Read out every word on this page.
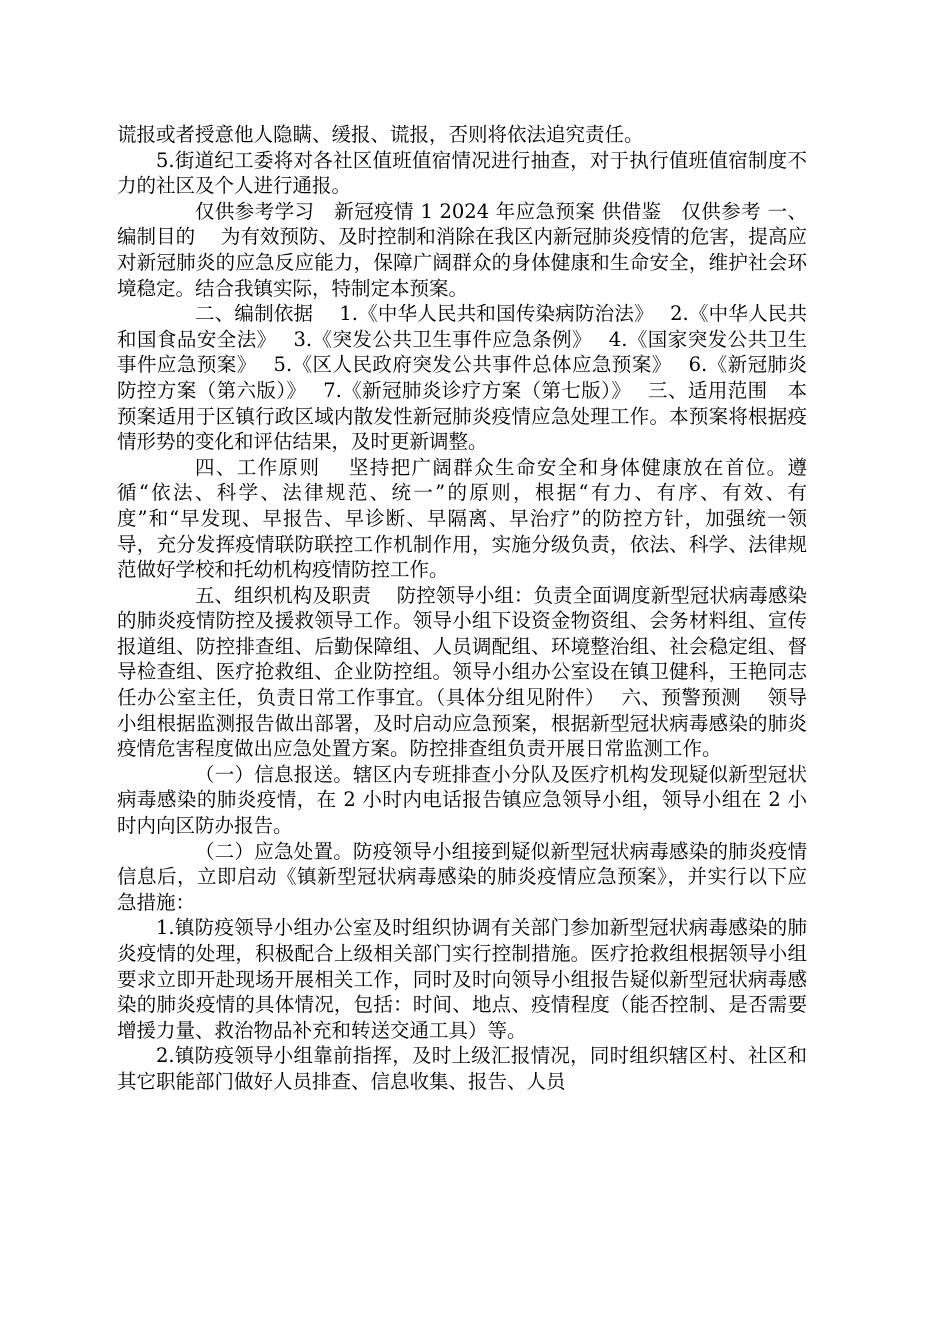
谎报或者授意他人隐瞒、缓报、谎报，否则将依法追究责任。

5.街道纪工委将对各社区值班值宿情况进行抽查，对于执行值班值宿制度不力的社区及个人进行通报。

仅供参考学习　新冠疫情 1 2024 年应急预案 供借鉴　仅供参考 一、编制目的　 为有效预防、及时控制和消除在我区内新冠肺炎疫情的危害，提高应对新冠肺炎的应急反应能力，保障广阔群众的身体健康和生命安全，维护社会环境稳定。结合我镇实际，特制定本预案。

二、编制依据　 1.《中华人民共和国传染病防治法》　 2.《中华人民共和国食品安全法》　 3.《突发公共卫生事件应急条例》　 4.《国家突发公共卫生事件应急预案》　 5.《区人民政府突发公共事件总体应急预案》　 6.《新冠肺炎防控方案（第六版）》　 7.《新冠肺炎诊疗方案（第七版）》　 三、适用范围　本预案适用于区镇行政区域内散发性新冠肺炎疫情应急处理工作。本预案将根据疫情形势的变化和评估结果，及时更新调整。

四、工作原则　 坚持把广阔群众生命安全和身体健康放在首位。遵循“依法、科学、法律规范、统一”的原则，根据“有力、有序、有效、有度”和“早发现、早报告、早诊断、早隔离、早治疗”的防控方针，加强统一领导，充分发挥疫情联防联控工作机制作用，实施分级负责，依法、科学、法律规范做好学校和托幼机构疫情防控工作。

五、组织机构及职责　 防控领导小组：负责全面调度新型冠状病毒感染的肺炎疫情防控及援救领导工作。领导小组下设资金物资组、会务材料组、宣传报道组、防控排查组、后勤保障组、人员调配组、环境整治组、社会稳定组、督导检查组、医疗抢救组、企业防控组。领导小组办公室设在镇卫健科，王艳同志任办公室主任，负责日常工作事宜。（具体分组见附件）　 六、预警预测　 领导小组根据监测报告做出部署，及时启动应急预案，根据新型冠状病毒感染的肺炎疫情危害程度做出应急处置方案。防控排查组负责开展日常监测工作。

（一）信息报送。辖区内专班排查小分队及医疗机构发现疑似新型冠状病毒感染的肺炎疫情，在 2 小时内电话报告镇应急领导小组，领导小组在 2 小时内向区防办报告。

（二）应急处置。防疫领导小组接到疑似新型冠状病毒感染的肺炎疫情信息后，立即启动《镇新型冠状病毒感染的肺炎疫情应急预案》，并实行以下应急措施：

1.镇防疫领导小组办公室及时组织协调有关部门参加新型冠状病毒感染的肺炎疫情的处理，积极配合上级相关部门实行控制措施。医疗抢救组根据领导小组要求立即开赴现场开展相关工作，同时及时向领导小组报告疑似新型冠状病毒感染的肺炎疫情的具体情况，包括：时间、地点、疫情程度（能否控制、是否需要增援力量、救治物品补充和转送交通工具）等。

2.镇防疫领导小组靠前指挥，及时上级汇报情况，同时组织辖区村、社区和其它职能部门做好人员排查、信息收集、报告、人员
